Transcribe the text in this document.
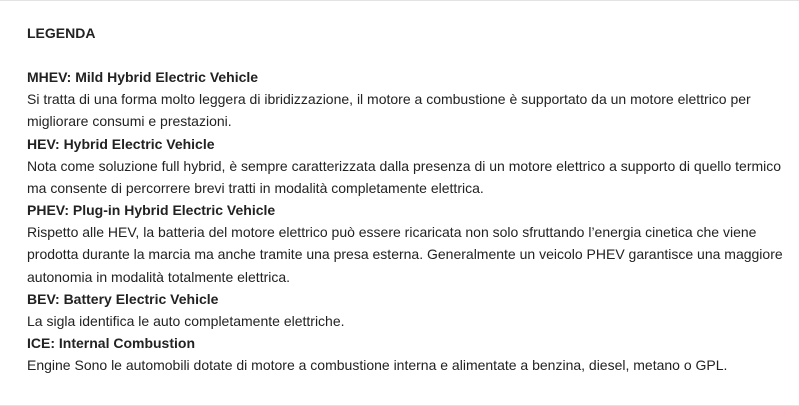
LEGENDA

MHEV: Mild Hybrid Electric Vehicle

Si tratta di una forma molto leggera di ibridizzazione, il motore a combustione è supportato da un motore elettrico per migliorare consumi e prestazioni.

HEV: Hybrid Electric Vehicle

Nota come soluzione full hybrid, è sempre caratterizzata dalla presenza di un motore elettrico a supporto di quello termico ma consente di percorrere brevi tratti in modalità completamente elettrica.

PHEV: Plug-in Hybrid Electric Vehicle

Rispetto alle HEV, la batteria del motore elettrico può essere ricaricata non solo sfruttando l’energia cinetica che viene prodotta durante la marcia ma anche tramite una presa esterna. Generalmente un veicolo PHEV garantisce una maggiore autonomia in modalità totalmente elettrica.

BEV: Battery Electric Vehicle

La sigla identifica le auto completamente elettriche.

ICE: Internal Combustion

Engine Sono le automobili dotate di motore a combustione interna e alimentate a benzina, diesel, metano o GPL.
